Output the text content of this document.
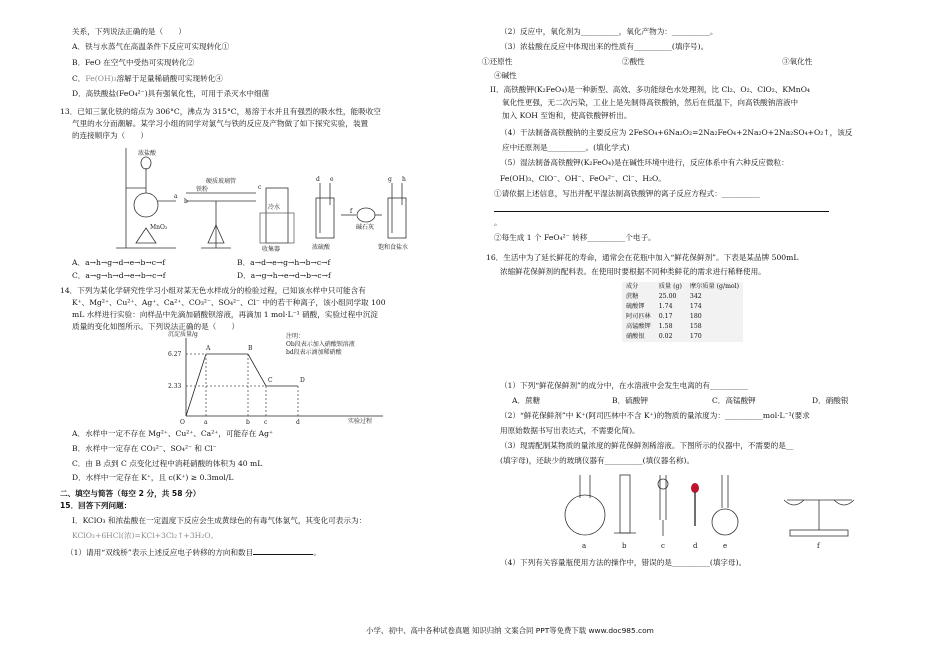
关系，下列说法正确的是（　　）
A．铁与水蒸气在高温条件下反应可实现转化①
B．FeO 在空气中受热可实现转化②
C．Fe(OH)₃溶解于足量稀硝酸可实现转化④
D．高铁酸盐(FeO₄²⁻)具有强氧化性，可用于杀灭水中细菌
13．已知三氯化铁的熔点为 306°C，沸点为 315°C，易溶于水并且有强烈的吸水性，能吸收空
气里的水分而潮解。某学习小组的同学对氯气与铁的反应及产物做了如下探究实验，装置
的连接顺序为（　　）
浓盐酸
MnO₂
硬质玻璃管
铁粉
冷水
收集器	浓硫酸
碱石灰
饱和食盐水
a
b
c
d e
f
g h
A．a→h→g→d→e→b→c→f	B．a→d→e→g→h→b→c→f
C．a→g→h→d→e→b→c→f	D．a→g→h→e→d→b→c→f
14．下列为某化学研究性学习小组对某无色水样成分的检验过程，已知该水样中只可能含有
K⁺、Mg²⁺、Cu²⁺、Ag⁺、Ca²⁺、CO₃²⁻、SO₄²⁻、Cl⁻ 中的若干种离子，该小组同学取 100
mL 水样进行实验：向样品中先滴加硝酸钡溶液，再滴加 1 mol·L⁻¹ 硝酸，实验过程中沉淀
质量的变化如图所示。下列说法正确的是（　　）
沉淀质量/g
实验过程
6.27
2.33
O
A	B
C	D
a	b c	d
注明：
Ob段表示加入硝酸钡溶液
bd段表示滴加稀硝酸
A．水样中一定不存在 Mg²⁺、Cu²⁺、Ca²⁺，可能存在 Ag⁺
B．水样中一定存在 CO₃²⁻、SO₄²⁻ 和 Cl⁻
C．由 B 点到 C 点变化过程中消耗硝酸的体积为 40 mL
D．水样中一定存在 K⁺，且 c(K⁺) ≥ 0.3mol/L
二、填空与简答（每空 2 分，共 58 分）
15．回答下列问题：
I．KClO₃ 和浓盐酸在一定温度下反应会生成黄绿色的有毒气体氯气，其变化可表示为：
KClO₃+6HCl(浓)=KCl+3Cl₂↑+3H₂O。
（1）请用“双线桥”表示上述反应电子转移的方向和数目	。
（2）反应中，氧化剂为__________，氧化产物为：__________。
（3）浓盐酸在反应中体现出来的性质有__________(填序号)。
①还原性	②酸性	③氧化性
④碱性
II．高铁酸钾(K₂FeO₄)是一种新型、高效、多功能绿色水处理剂，比 Cl₂、O₂、ClO₂、KMnO₄
氧化性更强，无二次污染，工业上是先制得高铁酸钠，然后在低温下，向高铁酸钠溶液中
加入 KOH 至饱和，使高铁酸钾析出。
（4）干法制备高铁酸钠的主要反应为 2FeSO₄+6Na₂O₂=2Na₂FeO₄+2Na₂O+2Na₂SO₄+O₂↑，该反
应中还原剂是__________。(填化学式)
（5）湿法制备高铁酸钾(K₂FeO₄)是在碱性环境中进行，反应体系中有六种反应微粒：
Fe(OH)₃、ClO⁻、OH⁻、FeO₄²⁻、Cl⁻、H₂O。
①请依据上述信息，写出并配平湿法制高铁酸钾的离子反应方程式：__________
。
②每生成 1 个 FeO₄²⁻ 转移__________个电子。
16．生活中为了延长鲜花的寿命，通常会在花瓶中加入“鲜花保鲜剂”。下表是某品牌 500mL
浓缩鲜花保鲜剂的配料表。在使用时要根据不同种类鲜花的需求进行稀释使用。
成分	质量 (g)	摩尔质量 (g/mol)
蔗糖	25.00	342
硫酸钾	1.74	174
阿司匹林	0.17	180
高锰酸钾	1.58	158
硝酸银	0.02	170
（1）下列“鲜花保鲜剂”的成分中，在水溶液中会发生电离的有__________
A．蔗糖	B．硫酸钾	C．高锰酸钾	D．硝酸银
（2）“鲜花保鲜剂”中 K⁺(阿司匹林中不含 K⁺)的物质的量浓度为：__________mol·L⁻¹(要求
用原始数据书写出表达式，不需要化简)。
（3）现需配制某物质的量浓度的鲜花保鲜剂稀溶液。下图所示的仪器中，不需要的是__
(填字母)，还缺少的玻璃仪器有__________(填仪器名称)。
a	b	c	d	e	f
（4）下列有关容量瓶使用方法的操作中，错误的是__________(填字母)。
小学、初中、高中各种试卷真题 知识归纳 文案合同 PPT等免费下载 www.doc985.com
